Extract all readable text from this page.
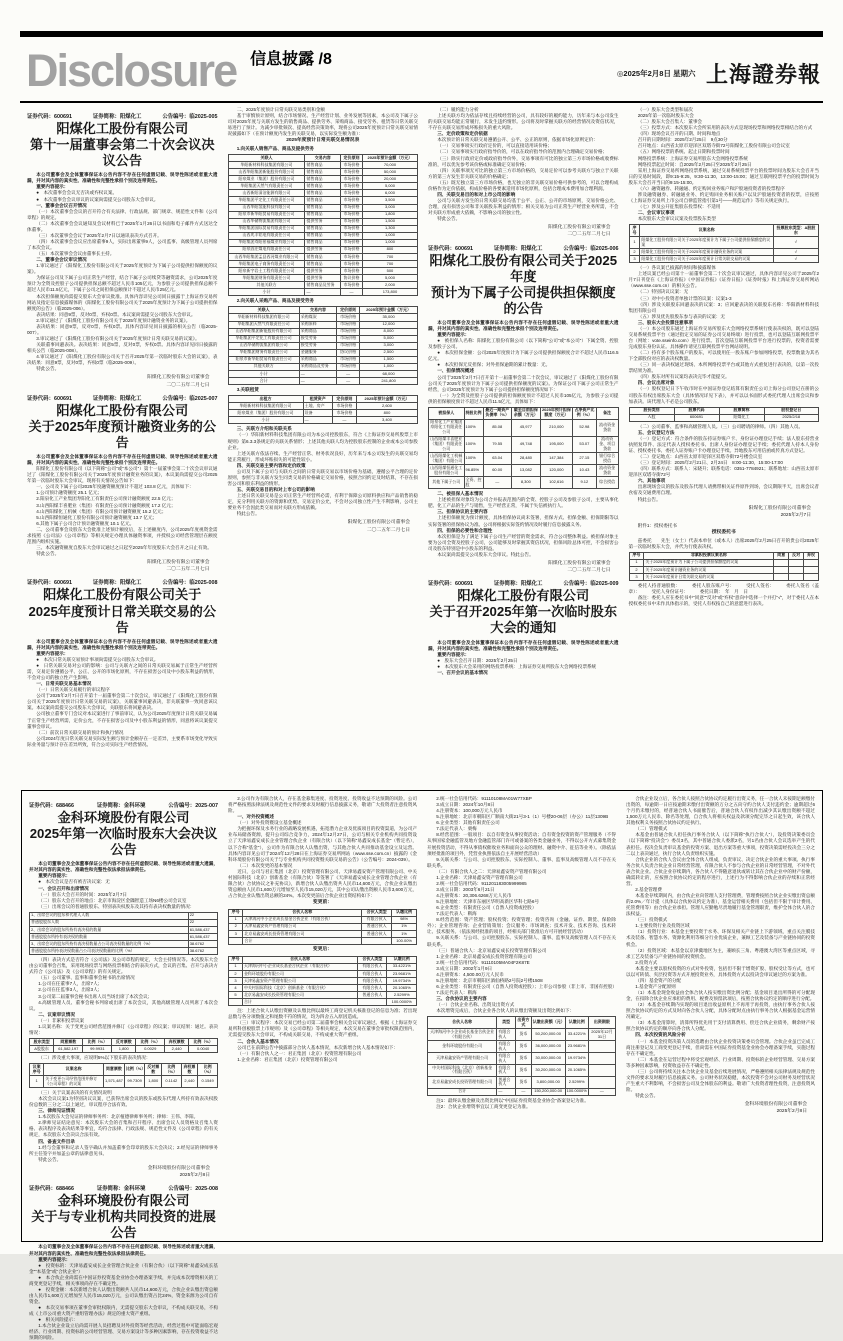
Disclosure 信息披露 /8
◎2025年2月8日 星期六 上海證券報
证券代码：600691	证券简称：阳煤化工	公告编号：临2025-005
阳煤化工股份有限公司
第十一届董事会第二十次会议决议公告
本公司董事会及全体董事保证本公告内容不存在任何虚假记载、误导性陈述或者重大遗漏，并对其内容的真实性、准确性和完整性承担个别及连带责任。
重要内容提示：
●　本次董事会会议无否决或弃权议案。
●　本次董事会会议审议的议案尚需提交公司股东大会审议。
一、董事会会议召开情况
（一）本次董事会会议的召开符合有关法律、行政法规、部门规章、规范性文件和《公司章程》的规定。
（二）本次董事会会议通知及会议材料已于2025年1月26日以书面和电子邮件方式送达全体董事。
（三）本次董事会会议于2025年2月7日以通讯表决方式召开。
（四）本次董事会会议应出席董事9人，实际出席董事9人，公司监事、高级管理人员列席了本次会议。
（五）本次董事会会议由董事长主持。
二、董事会会议审议情况
1.审议通过了《阳煤化工股份有限公司关于2025年度预计为下属子公司提供担保额度的议案》。
为保证公司及下属子公司正常生产经营，结合下属子公司续贷等融资需求，公司2025年度预计为全资及控股子公司提供担保总额不超过人民币105亿元，为参股子公司提供担保总额不超过人民币11.5亿元，下属子公司之间担保总额预计不超过人民币25亿元。
本次担保额度尚需提交股东大会审议批准。具体内容详见公司同日披露于上海证券交易所网站及指定信息披露媒体的《阳煤化工股份有限公司关于2025年度预计为下属子公司提供担保额度的公告》（临2025-006）。
表决结果：同意9票，反对0票，弃权0票。本议案尚需提交公司股东大会审议。
2.审议通过了《阳煤化工股份有限公司关于2025年度预计融资业务的议案》。
表决结果：同意9票，反对0票，弃权0票。具体内容详见同日披露的相关公告（临2025-007）。
3.审议通过了《阳煤化工股份有限公司关于2025年度预计日常关联交易的议案》。
关联董事回避表决。表决结果：同意5票，反对0票，弃权0票。具体内容详见同日披露的相关公告（临2025-008）。
4.审议通过了《阳煤化工股份有限公司关于召开2025年第一次临时股东大会的议案》，表决结果：同意9票，反对0票，弃权0票（临2025-009）。
特此公告。
阳煤化工股份有限公司董事会
二〇二五年二月七日
证券代码：600691	证券简称：阳煤化工	公告编号：临2025-007
阳煤化工股份有限公司
关于2025年度预计融资业务的公告
本公司董事会及全体董事保证本公告内容不存在任何虚假记载、误导性陈述或者重大遗漏，并对其内容的真实性、准确性和完整性承担个别及连带责任。
阳煤化工股份有限公司（以下简称“公司”或“本公司”）第十一届董事会第二十次会议审议通过了《阳煤化工股份有限公司关于2025年度预计融资业务的议案》，本议案尚需提交公司2025年第一次临时股东大会审议，现将有关情况公告如下：
一、公司及下属子公司2025年度融资额度预计不超过 103.8 亿元，具体如下：
1.公司预计融资额度 25.1 亿元；
2.阳泉化工产业集团寿阳化工有限责任公司预计融资额度 22.5 亿元；
3.山西阳煤丰喜肥业（集团）有限责任公司预计融资额度 17.2 亿元；
4.山西阳煤化工机械（集团）有限公司预计融资额度 15.2 亿元；
5.山西阳煤恒通化工股份有限公司预计融资额度 13.7 亿元；
6.其他下属子公司合计预计融资额度 10.1 亿元。
二、公司董事会及股东大会批准上述预计额度后，在上述额度内，公司2025年度视资金需求按照《公司法》《公司章程》等相关规定办理具体融资事项，并授权公司经营管理层在额度范围内组织实施。
三、本次融资额度自股东大会审议通过之日起至2025年年度股东大会召开之日止有效。
特此公告。
阳煤化工股份有限公司董事会
二〇二五年二月七日
证券代码：600691	证券简称：阳煤化工	公告编号：临2025-008
阳煤化工股份有限公司关于
2025年度预计日常关联交易的公告
本公司董事会及全体董事保证本公告内容不存在任何虚假记载、误导性陈述或者重大遗漏，并对其内容的真实性、准确性和完整性承担个别及连带责任。
重要内容提示：
●　本次日常关联交易预计事项尚需提交公司股东大会审议。
●　日常关联交易对公司的影响：公司与关联方之间的日常关联交易属于正常生产经营所需，交易定价遵循公平、公正、公开的市场化原则，不存在损害公司及中小股东利益的情形，不会对公司的独立性产生影响。
一、日常关联交易基本情况
（一）日常关联交易履行的审议程序
公司于2025年2月7日召开第十一届董事会第二十次会议，审议通过了《阳煤化工股份有限公司关于2025年度预计日常关联交易的议案》，关联董事回避表决，非关联董事一致同意该议案。本议案尚需提交公司股东大会审议，关联股东将回避表决。
公司独立董事专门会议对本议案进行了事前审议，认为公司2025年度预计日常关联交易属于正常生产经营所需，定价公允，不存在损害公司及中小股东利益的情形，同意将该议案提交董事会审议。
（二）前次日常关联交易的预计和执行情况
公司2024年度日常关联交易实际发生额与预计金额存在一定差异，主要系市场变化导致实际业务量与预计存在差异所致，符合公司实际生产经营情况。
二、2025年度预计日常关联交易类别和金额
基于审慎预计原则，结合市场情况、生产经营计划、业务发展等因素，本公司及下属子公司对2025年度与关联方发生的销售商品、提供劳务、采购商品、接受劳务、租赁等日常关联交易进行了预计。为减少审批频次、提高经营决策效率，现将公司2025年度预计日常关联交易情况披露如下（在预计额度内发生的关联交易，以实际发生额为准）：
2025年度预计日常关联交易情况表
1.向关联人销售产品、商品及提供劳务
关联人	交易内容	定价原则	2025年预计金额（万元）
华阳新材料科技集团有限公司	销售商品	市场价格	70,000
山西华阳集团新能股份有限公司	销售商品	市场价格	50,000
阳泉煤业（集团）股份有限公司	销售商品	市场价格	20,000
华阳集团天然气有限责任公司	销售商品	市场价格	5,000
山西新阳清洁能源有限公司	销售商品	市场价格	6,000
华阳集团平定化工有限责任公司	销售商品	市场价格	3,500
山西华阳氢能科技有限公司	销售商品	市场价格	3,000
阳泉市新华阳贸易有限责任公司	销售商品	市场价格	1,800
山西华储物流集团有限公司	提供劳务	市场价格	1,500
华阳集团国际贸易有限责任公司	销售商品	市场价格	1,300
山西兆丰铝电有限责任公司	销售商品	市场价格	1,000
华阳集团寿阳景福煤业有限公司	销售商品	市场价格	1,000
阳泉固庄煤电有限责任公司	提供劳务	市场价格	800
山西华阳集团盂县西河煤业有限公司	销售商品	市场价格	700
华阳集团电子商务有限责任公司	销售商品	市场价格	700
阳泉新宇岩土工程有限责任公司	提供劳务	市场价格	500
华阳集团财务有限责任公司	提供劳务	协议价格	5,000
其他关联方	销售商品及劳务	市场价格	2,000
小计	—	—	173,800
2.向关联人采购产品、商品及接受劳务
关联人	交易内容	定价原则	2025年预计金额（万元）
华阳新材料科技集团有限公司	采购煤炭	市场价格	35,000
华阳集团天然气有限责任公司	采购原料	市场价格	12,000
山西华阳集团新能股份有限公司	采购商品	市场价格	8,000
华阳集团平定化工有限责任公司	接受劳务	市场价格	5,000
山西华储物流集团有限公司	接受劳务	市场价格	3,000
华阳集团财务有限责任公司	金融服务	协议价格	2,500
阳泉市新华阳贸易有限责任公司	采购商品	市场价格	1,500
其他关联方	采购商品及劳务	市场价格	1,000
小计	—	—	68,000
合计	—	—	241,800
3.关联租赁
出租方	租赁资产	定价原则	2025年预计金额（万元）
华阳新材料科技集团有限公司	土地、房产	市场价格	2,600
阳泉煤业（集团）股份有限公司	设备	市场价格	800
小计	—	—	3,400
三、关联方介绍和关联关系
（一）华阳新材料科技集团有限公司为本公司控股股东，符合《上海证券交易所股票上市规则》第6.3.3条规定的关联关系情形；上述其他关联人均为控股股东控制的企业或本公司参股企业。
上述关联方依法存续、生产经营正常、财务状况良好，历年来与本公司发生的关联交易均能正常履行，形成坏账损失的可能性较小。
四、关联交易主要内容和定价政策
公司及下属子公司与关联方之间的日常关联交易以市场价格为基础，遵循公平合理的定价原则，参照与非关联方发生同类交易的价格确定交易价格，按照合同约定及时结算，不存在损害公司和股东利益的情形。
五、关联交易目的和对上市公司的影响
上述日常关联交易是公司正常生产经营所必需，有利于保障公司原料供应和产品销售的稳定，充分利用关联方的资源和优势，交易定价公允，不会对公司独立性产生不利影响，公司主要业务不会因此类交易而对关联方形成依赖。
特此公告。
阳煤化工股份有限公司董事会
二〇二五年二月七日
（二）履约能力分析
上述关联方均为依法存续且持续经营的公司，具有较好的履约能力，历年来与本公司发生的关联交易均能正常履行，未发生违约情形。公司将及时掌握关联方的经营情况及资信状况，不存在关联交易形成坏账损失的重大风险。
三、定价政策和定价依据
本次预计的日常关联交易遵循公开、公平、公正的原则，依据市场化原则定价：
（一）交易事项实行政府定价的，可以直接适用该价格；
（二）交易事项实行政府指导价的，可以在政府指导价的范围内合理确定交易价格；
（三）除实行政府定价或政府指导价外，交易事项有可比的独立第三方市场价格或收费标准的，可以优先参考该价格或标准确定交易价格；
（四）关联事项无可比的独立第三方市场价格的，交易定价可以参考关联方与独立于关联方的第三方发生非关联交易的价格确定；
（五）既无独立第三方市场价格，也无独立的非关联交易价格可供参考的，可以合理构成价格作为定价依据，构成价格的各要素适用市场化原则，包括合理成本费用加合理利润。
四、关联交易目的和对上市公司的影响
公司与关联方发生的日常关联交易均基于公平、公正、公开的市场原则，交易价格公允、合理，没有损害公司和非关联股东利益的情形；相关交易为公司正常生产经营业务所需，不会对关联方形成重大依赖，不影响公司的独立性。
特此公告。
阳煤化工股份有限公司董事会
二〇二五年二月七日
证券代码：600691	证券简称：阳煤化工	公告编号：临2025-006
阳煤化工股份有限公司关于2025年度
预计为下属子公司提供担保额度的公告
本公司董事会及全体董事保证本公告内容不存在任何虚假记载、误导性陈述或者重大遗漏，并对其内容的真实性、准确性和完整性承担个别及连带责任。
重要内容提示：
●　被担保人名称：阳煤化工股份有限公司（以下简称“公司”或“本公司”）下属全资、控股及参股子公司。
●　本次担保金额：公司2025年度预计为下属子公司提供担保额度合计不超过人民币116.5亿元。
●　本次担保无反担保；对外担保逾期的累计数量：无。
一、担保情况概述
公司于2025年2月7日召开第十一届董事会第二十次会议，审议通过了《阳煤化工股份有限公司关于2025年度预计为下属子公司提供担保额度的议案》。为保证公司下属子公司正常生产经营，公司2025年度预计为下属子公司提供担保额度情况如下：
（一）为全资及控股子公司提供的担保额度预计不超过人民币105亿元，为参股子公司提供的担保额度预计不超过人民币11.5亿元，具体如下：
被担保人	持股比例	最近一期资产负债率（%）	截至目前担保余额（万元）	2025年预计担保额度（万元）	占净资产比例（%）	备注
阳泉化工产业集团寿阳化工有限责任公司	100%	85.08	45,977	210,000	52.98	流动资金贷款
山西阳煤丰喜肥业（集团）有限责任公司	100%	79.55	49,748	195,000	53.07	流动资金、项目贷款
山西阳煤化工机械（集团）有限公司	100%	63.04	28,480	147,384	27.15	银行综合授信
山西阳煤恒通化工股份有限公司	96.85%	60.00	13,082	120,000	10.43	流动资金贷款
其他下属子公司	全资、控股	—	8,300	102,616	9.12	综合授信
二、被担保人基本情况
上述被担保对象均为公司合并报表范围内的全资、控股子公司及参股子公司，主要从事化肥、化工产品的生产与销售，生产经营正常，不属于失信被执行人。
三、担保协议的主要内容
上述担保额度为预计额度，具体担保协议尚未签署，担保方式、担保金额、担保期限等以实际签署的担保协议为准。公司将根据实际签约情况及时履行信息披露义务。
四、担保的必要性和合理性
本次担保是为了满足下属子公司生产经营的资金需求，符合公司整体利益。被担保对象主要为公司全资及控股子公司，公司能够及时掌握其资信状况，担保风险总体可控，不会损害公司及股东特别是中小股东的利益。
本议案尚需提交公司股东大会审议。特此公告。
阳煤化工股份有限公司董事会
二〇二五年二月七日
证券代码：600691	证券简称：阳煤化工	公告编号：临2025-009
阳煤化工股份有限公司
关于召开2025年第一次临时股东大会的通知
本公司董事会及全体董事保证本公告内容不存在任何虚假记载、误导性陈述或者重大遗漏，并对其内容的真实性、准确性和完整性承担个别及连带责任。
重要内容提示：
●　股东大会召开日期：2025年2月25日
●　本次股东大会采用的网络投票系统：上海证券交易所股东大会网络投票系统
一、召开会议的基本情况
（一）股东大会类型和届次
2025年第一次临时股东大会
（二）股东大会召集人：董事会
（三）投票方式：本次股东大会所采用的表决方式是现场投票和网络投票相结合的方式
（四）现场会议召开的日期、时间和地点
召开的日期时间：2025年2月25日　9点30分
召开地点：山西省太原市迎泽区双塔寺街72号阳煤化工股份有限公司会议室
（五）网络投票的系统、起止日期和投票时间
网络投票系统：上海证券交易所股东大会网络投票系统
网络投票起止时间：自2025年2月25日至2025年2月25日
采用上海证券交易所网络投票系统，通过交易系统投票平台的投票时间为股东大会召开当日的交易时间段，即9:15-9:25，9:30-11:30，13:00-15:00；通过互联网投票平台的投票时间为股东大会召开当日的9:15-15:00。
（六）融资融券、转融通、约定购回业务账户和沪股通投资者的投票程序
涉及融资融券、转融通业务、约定购回业务相关账户以及沪股通投资者的投票，应按照《上海证券交易所上市公司自律监管指引第1号——规范运作》等有关规定执行。
（七）涉及公开征集股东投票权：不适用
二、会议审议事项
本次股东大会审议议案及投票股东类型
序号	议案名称	投票股东类型：A股股东
1	阳煤化工股份有限公司关于2025年度预计为下属子公司提供担保额度的议案	√
2	阳煤化工股份有限公司关于2025年度预计融资业务的议案	√
3	阳煤化工股份有限公司关于2025年度预计日常关联交易的议案	√
（一）各议案已披露的时间和披露媒体
上述议案已经公司第十一届董事会第二十次会议审议通过，具体内容详见公司于2025年2月7日刊登在《上海证券报》《中国证券报》《证券日报》《证券时报》和上海证券交易所网站（www.sse.com.cn）的相关公告。
（二）特别决议议案：无
（三）对中小投资者单独计票的议案：议案1-3
（四）涉及关联股东回避表决的议案：3；应回避表决的关联股东名称：华阳新材料科技集团有限公司
（五）涉及优先股股东参与表决的议案：无
三、股东大会投票注意事项
（一）本公司股东通过上海证券交易所股东大会网络投票系统行使表决权的，既可以登陆交易系统投票平台（通过指定交易的证券公司交易终端）进行投票，也可以登陆互联网投票平台（网址：vote.sseinfo.com）进行投票。首次登陆互联网投票平台进行投票的，投资者需要完成股东身份认证。具体操作请见互联网投票平台网站说明。
（二）持有多个股东账户的股东，可以使用任一股东账户参加网络投票，投票数量为其名下全部股份对应的表决权数量。
（三）同一表决权通过现场、本所网络投票平台或其他方式重复进行表决的，以第一次投票结果为准。
（四）股东对所有议案均表决完毕才能提交。
四、会议出席对象
（一）股权登记日下午收市时在中国证券登记结算有限责任公司上海分公司登记在册的公司股东有权出席股东大会（具体情况详见下表），并可以以书面形式委托代理人出席会议和参加表决。该代理人不必是公司股东。
股份类别	股票代码	股票简称	股权登记日
Ａ股	600691	阳煤化工	2025/2/18
（二）公司董事、监事和高级管理人员。（三）公司聘请的律师。（四）其他人员。
五、会议登记方法
（一）登记方式：符合条件的股东持证券账户卡、身份证办理登记手续；法人股东持营业执照复印件、法定代表人授权委托书、出席人身份证办理登记手续；委托代理人持本人身份证、授权委托书、委托人证券账户卡办理登记手续。异地股东可用信函或传真方式登记。
（二）登记地点：山西省太原市迎泽区双塔寺街72号楼会议室
（三）登记时间：2025年2月21日、2月24日　8:00-11:30，15:00-17:00
（四）联系方式：联系人：宋晓升；联系电话：0351-7784921；联系地址：山西省太原市迎泽区双塔寺街72号
六、其他事项
出席现场会议的股东及股东代理人请携带相关证件原件到场，会议期限半天，出席会议者食宿及交通费用自理。
特此公告。
阳煤化工股份有限公司董事会
2025年2月7日
附件1：授权委托书
授权委托书
兹委托　　先生（女士）代表本单位（或本人）出席2025年2月25日召开的贵公司2025年第一次临时股东大会，并代为行使表决权。
序号	非累积投票议案名称	同意	反对	弃权
1	关于2025年度预计为下属子公司提供担保额度的议案			
2	关于2025年度预计融资业务的议案			
3	关于2025年度预计日常关联交易的议案			
委托人持普通股数：　　　委托人股东账户号：　　　受托人签名：　　　委托人签名（盖章）：　　　受托人身份证号：　　　委托日期：　年　月　日
备注：委托人应在委托书中“同意”“反对”或“弃权”意向中选择一个并打“√”，对于委托人在本授权委托书中未作具体指示的，受托人有权按自己的意愿进行表决。
证券代码：688466	证券简称：金科环境	公告编号：2025-007
金科环境股份有限公司
2025年第一次临时股东大会决议公告
本公司董事会及全体董事保证公告内容不存在任何虚假记载、误导性陈述或者重大遗漏，并对其内容的真实性、准确性和完整性依法承担法律责任。
重要内容提示：
●　本次会议是否有被否决议案：无
一、会议召开和出席情况
（一）股东大会召开的时间：2025年2月7日
（二）股东大会召开的地点：北京市海淀区金隅智造工场N6楼公司会议室
（三）出席会议的普通股股东、特别表决权股东及其持有表决权数量的情况：
1、出席会议的股东和代理人人数	22
普通股股东人数	22
2、出席会议的股东所持有表决权的数量	61,586,437
普通股股东所持有表决权的数量	61,586,437
3、出席会议的股东所持有表决权数量占公司表决权数量的比例（%）	38.6762
普通股股东所持表决权数量占公司表决权数量的比例（%）	38.6762
（四）表决方式是否符合《公司法》及公司章程的规定，大会主持情况等。本次股东大会由公司董事会召集，采用现场投票与网络投票相结合的表决方式，会议的召集、召开与表决方式符合《公司法》及《公司章程》的有关规定。
（五）公司董事、监事和董事会秘书的出席情况
1.公司在任董事7人，出席7人；
2.公司在任监事3人，出席3人；
3.公司第二届董事会秘书出席人员当场出席了本次会议；
4.高级管理人员、董事会秘书列席或出席了本次会议，其他高级管理人员列席了本次会议。
二、议案审议情况
（一）非累积投票议案
1.议案名称：关于变更公司经营范围并修订《公司章程》的议案；审议结果：通过。表决情况：
股东类型	同意票数	比例（%）	反对票数	比例（%）	弃权票数	比例（%）
A股股东	61,582,197	99.9931	1,800	0.0029	2,440	0.0040
（二）涉及重大事项，应说明5%以下股东的表决情况：
议案序号	议案名称	同意票数	比例（%）	反对票数	比例（%）	弃权票数	比例（%）
1	关于变更公司经营范围并修订《公司章程》的议案	1,571,487	99.7309	1,800	0.1142	2,440	0.1549
（三）关于议案表决的有关情况说明
本次会议议案1为特别决议议案，已获得出席会议的股东或股东代理人所持有效表决权股份总数的三分之二以上通过，审议程序合法有效。
三、律师见证情况
1.本次股东大会见证的律师事务所：北京植德律师事务所；律师：王伟、李阳。
2.律师见证结论意见：本次股东大会的召集和召开程序、出席会议人员资格及召集人资格、表决程序及表决结果等事宜，均符合法律、行政法规、规范性文件及《公司章程》的有关规定，本次股东大会决议合法有效。
四、备查文件目录
1.经与会董事和记录人签字确认并加盖董事会印章的股东大会决议；2.经见证的律师事务所主任签字并加盖公章的法律意见书。
特此公告。
金科环境股份有限公司董事会
2025年2月8日
证券代码：688466	证券简称：金科环境	公告编号：2025-008
金科环境股份有限公司
关于与专业机构共同投资的进展公告
本公司董事会及全体董事保证公告内容不存在任何虚假记载、误导性陈述或者重大遗漏，并对其内容的真实性、准确性和完整性依法承担法律责任。
重要内容提示：
●　投资标的：天津易鑫安成长企业管理合伙企业（有限合伙）（以下简称“易鑫安成长基金”“本基金”或“合伙企业”）
●　本合伙企业尚需在中国证券投资基金业协会办理备案手续，并完成本次增资相关的工商变更登记手续，相关事项尚存在不确定性。
●　投资金额：本次新增合伙人认缴出资额共人民币14,600万元，合伙企业认缴出资总额由人民币1,600万元增加至人民币15,020万元，公司认缴出资占比24%，资金来源为公司自有资金。
●　本次交易事项在董事会审批权限内，无需提交股东大会审议，不构成关联交易，不构成《上市公司重大资产重组管理办法》规定的重大资产重组。
●　相关风险提示：
1.本合伙企业设立后尚需开展人员招聘及对外投资等经营活动，经营过程中可能面临宏观经济、行业周期、投资标的公司经营管理、交易方案设计等多种因素影响，存在投资收益不达预期的风险。
2.公司作为有限合伙人，存在基金募集进度、投资进度、投资收益不达预期的风险。公司将严格按照法律法规及规范性文件的要求及时履行信息披露义务，敬请广大投资者注意投资风险。
一、对外投资概述
（一）对外投资暨设立基金概述
为把握环保及水务行业的战略发展机遇，拓宽潜力企业及优质项目的投资渠道，为公司产业布局储备资源，提升公司综合竞争力，2024年12月27日，公司与相关专业机构共同投资设立了天津易鑫安成长企业管理合伙企业（有限合伙）（以下简称“易鑫安成长基金”（暂定名），以下合称“基金”），公司作为有限合伙人认缴出资，与其他合伙人共同推动基金设立及运营。具体内容详见公司于2024年12月28日在上海证券交易所网站（www.sse.com.cn）披露的《金科环境股份有限公司关于与专业机构共同投资暨关联交易的公告》（公告编号：2024-039）。
（二）本次变更的基本情况
近日，公司与君正集团（北京）投资管理有限公司、天津易鑫安资产管理有限公司、中关村国际科技（北京）创新基金（有限合伙）等签署了《天津易鑫安成长企业管理合伙企业（有限合伙）合伙协议之补充协议》，新增合伙人认缴出资共人民币14,600万元，合伙企业认缴出资总额由人民币1,600万元增加至人民币15,020万元，其中公司认缴出资额人民币3,600万元，占合伙企业认缴出资总额的24%。本次变更前后合伙企业出资结构如下：
变更前：
序号	合伙人名称	合伙人类型	认缴比例
1	天津海河中小企业成长基金合伙企业（有限合伙）	有限合伙人	98%
2	天津易鑫安资产管理有限公司	普通合伙人	1%
3	北京易鑫安成长投资管理有限公司	普通合伙人	1%
	合计		100.00%
变更后：
序号	合伙人名称	合伙人类型	认缴比例
1	天津海河中小企业成长基金合伙企业（有限合伙）	有限合伙人	33.4221%
2	金科环境股份有限公司	有限合伙人	23.9681%
3	天津易鑫安资产管理有限公司	有限合伙人	19.9734%
4	中关村国际科技（北京）创新基金（有限合伙）	有限合伙人	20.1065%
5	北京易鑫安成长投资管理有限公司	普通合伙人	2.5299%
	合计		100.0000%
注：上述合伙人认缴出资额及认缴比例以最终工商登记机关核准登记的信息为准；若出现总数与各分项数值之和尾数不符的情况，均为四舍五入原因造成。
（三）审议程序：本次交易已经公司第二届董事会相关会议审议通过。根据《上海证券交易所科创板股票上市规则》及《公司章程》等相关规定，本次交易在董事会审批权限范围内，无需提交股东大会审议，不构成关联交易，不构成重大资产重组。
二、合伙人基本情况
公司已在前期公告中披露部分合伙人基本情况，本次新增合伙人基本情况如下：
（一）有限合伙人之一：君正集团（北京）投资管理有限公司
1.企业名称：君正集团（北京）投资管理有限公司
2.统一社会信用代码：91110108MA01W77XBP
3.成立日期：2024年10月8日
4.注册资本：100,000万元人民币
5.注册地址：北京市朝阳区广顺南大街21号3-1（1）号楼20-06层（办公）11层1309B
6.企业类型：其他有限责任公司
7.法定代表人：栗梅
8.经营范围：一般项目：以自有资金从事投资活动；自有资金投资的资产管理服务（不得从事国家金融监管及地方金融监管部门许可或备案的各类金融业务，不得以公开方式募集资金开展投资活动，不得从事债权催收业务和面向公众的理财、融资中介、征信等业务）。（除依法须经批准的项目外，凭营业执照依法自主开展经营活动）
9.关联关系：与公司、公司控股股东、实际控制人、董事、监事及高级管理人员不存在关联关系。
（二）有限合伙人之二：天津易鑫安资产管理有限公司
1.企业名称：天津易鑫安资产管理有限公司
2.统一社会信用代码：911201183005999985
3.成立日期：2003年6月21日
4.注册资本：20,306.6268万元人民币
5.注册地址：天津市东丽区华明高新区华科七路6号
6.企业类型：有限责任公司（自然人投资或控股）
7.法定代表人：靳海
8.经营范围：资产管理；股权投资；投资管理；投资咨询（金融、证券、期货、保险除外）；企业管理咨询；企业营销策划；会议服务；市场调查；技术开发、技术咨询、技术转让、技术服务。（依法须经批准的项目，经相关部门批准后方可开展经营活动）
9.关联关系：与公司、公司控股股东、实际控制人、董事、监事及高级管理人员不存在关联关系。
（三）普通合伙人：北京易鑫安成长投资管理有限公司
1.企业名称：北京易鑫安成长投资管理有限公司
2.统一社会信用代码：91110105MA04F2K87E
3.成立日期：2002年1月9日
4.注册资本：4,500.00万元人民币
5.注册地址：北京市朝阳区酒仙桥路2号院2号楼1508
6.企业类型：有限责任公司（自然人投资或控股）；上市公司参股（非上市、非国有控股）
7.法定代表人：靳海
三、合伙协议的主要内容
（一）合伙企业名称、出资及出资方式
本次增资完成后，合伙企业各合伙人的认缴出资额及出资比例如下：
合伙人名称	类型	出资方式	认缴出资额（元）	认缴比例	出资期限
天津海河中小企业成长基金合伙企业（有限合伙）	有限合伙人	货币	50,200,000.00	33.4221%	2025年12月31日
金科环境股份有限公司	有限合伙人	货币	36,000,000.00	23.9681%	
天津易鑫安资产管理有限公司	有限合伙人	货币	30,000,000.00	19.9734%	
中关村国际科技（北京）创新基金（有限合伙）	有限合伙人	货币	30,200,000.00	20.1065%	
北京易鑫安成长投资管理有限公司	普通合伙人	货币	3,800,000.00	2.5299%	
合计	—	—	150,200,000.00	100.0000%	—
注1：最终认缴金额及出资比例以“中国证券投资基金业协会”备案登记为准。
注2：合伙企业增资事宜以工商变更登记为准。
合伙企业设立后，各合伙人按照合伙协议约定履行出资义务，任一合伙人未按期足额缴付出资的，每逾期一日应按逾期未缴付出资额的万分之五向守约合伙人支付违约金；逾期超过6个月仍未缴付的，经普通合伙人书面催告后，普通合伙人有权作出减少其认缴出资额不超过1,500万元人民币、除名等处理，自合伙人将相关权益及款项分配完毕之日起生效，该合伙人其他权利义务按照合伙协议约定执行。
（二）管理模式
本基金由普通合伙人担任执行事务合伙人（以下简称“执行合伙人”），设投资决策委员会（以下简称“投决会”）委员3名，其中普通合伙人委派2名，另1名由合伙人会议选举产生的代表担任。投决会负责审议基金的投资方案、退出方案等重大事项，投资决策需经投决会三分之二以上表决通过，执行合伙人负责组织实施。
合伙企业的合伙人会议由全体合伙人组成，负责审议、决定合伙企业的重大事项。执行事务合伙人负责合伙企业日常经营管理，有限合伙人不参与合伙企业的日常经营管理，不对外代表合伙企业。合伙企业存续期内，各合伙人不得随意退伙或转让其在合伙企业中的财产份额，确需转让的，应按照合伙协议约定的程序进行，上述行为不得影响合伙企业的存续和正常经营。
2.基金管理费
本基金存续期间内，由合伙企业向管理人支付管理费，管理费按照合伙企业实缴出资总额的2.0%／年计提（具体以合伙协议约定为准），基金运营相关费用（包括但不限于审计费用、托管费用等）由合伙企业承担。管理人应勤勉尽责地履行基金管理职责，维护全体合伙人的合法权益。
（三）投资模式
1.主要投资行业及投资区域
（1）投资行业：本基金主要投资于水务、环保及相关产业链上下游领域，重点关注膜技术及装备、智慧水务、资源化利用等细分行业优质企业，兼顾工艺及装备与产业链协同的投资机会。
（2）投资区域：本基金以京津冀地区为主，兼顾长三角、粤港澳大湾区等重点区域，寻求工艺及装备与产业链协同的投资机会。
2.投资方式
本基金主要以股权投资的方式对外投资，包括但不限于增资扩股、股权受让等方式，也可以以可转债、夹层投资等方式开展投资业务，具体投资方式以投决会审议通过的方案为准。
（四）基金资产的分配
1.基金资产分配原则
（1）本基金现金收益由全体合伙人按实缴出资比例分配；基金项目退出所得的可分配现金，在扣除合伙企业应承担的费用、税费及预留款项后，按照合伙协议约定的顺序进行分配。
（2）本基金存续期内实现的项目退出收益原则上不再用于再投资，由执行事务合伙人按照合伙协议约定的方式及时向各合伙人分配，具体分配时点由执行事务合伙人根据基金运营情况确定。
（3）本基金清算时，清算所得优先用于支付清算费用、偿还合伙企业债务，剩余财产按照合伙协议约定的顺序向各合伙人分配。
四、本次投资的风险分析
（一）本基金投资决策人员的选聘由合伙企业投资决策委员会管理。合伙企业虽已完成工商注册登记及工商变更登记手续，但尚需在中国证券投资基金业协会办理备案手续，实施过程存在不确定性。
（二）本基金在运营过程中将受宏观经济、行业周期、投资标的企业经营管理、交易方案等多种因素影响，投资收益存在不确定性。
（三）公司将持续关注本合伙企业及基金后续进展情况，严格遵照相关法律法规及规范性文件的要求及时履行信息披露义务。公司财务状况稳健，本次投资不会对公司财务及经营状况产生重大不利影响，不会损害公司及全体股东的利益。敬请广大投资者理性投资，注意投资风险。
特此公告。
金科环境股份有限公司董事会
2025年2月8日
